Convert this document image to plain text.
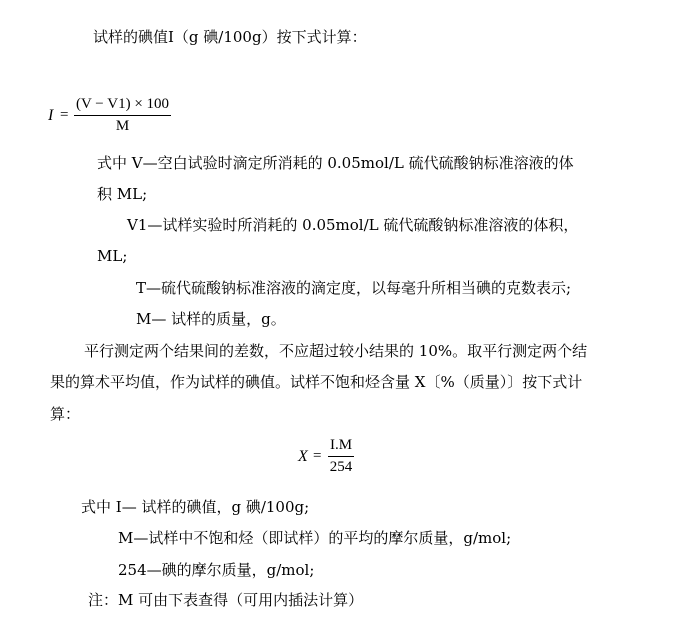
试样的碘值Ⅰ（g 碘/100g）按下式计算：
$I = \frac{(V - V1) \times 100}{M}$
式中 V—空白试验时滴定所消耗的 0.05mol/L 硫代硫酸钠标准溶液的体
积 ML;
V1—试样实验时所消耗的 0.05mol/L 硫代硫酸钠标准溶液的体积，
ML;
T—硫代硫酸钠标准溶液的滴定度，以每毫升所相当碘的克数表示;
M— 试样的质量，g。
平行测定两个结果间的差数，不应超过较小结果的 10%。取平行测定两个结
果的算术平均值，作为试样的碘值。试样不饱和烃含量 X〔%（质量）〕按下式计
算：
$X = \frac{I.M}{254}$
式中 I— 试样的碘值，g 碘/100g;
M—试样中不饱和烃（即试样）的平均的摩尔质量，g/mol;
254—碘的摩尔质量，g/mol;
注：M 可由下表查得（可用内插法计算）
